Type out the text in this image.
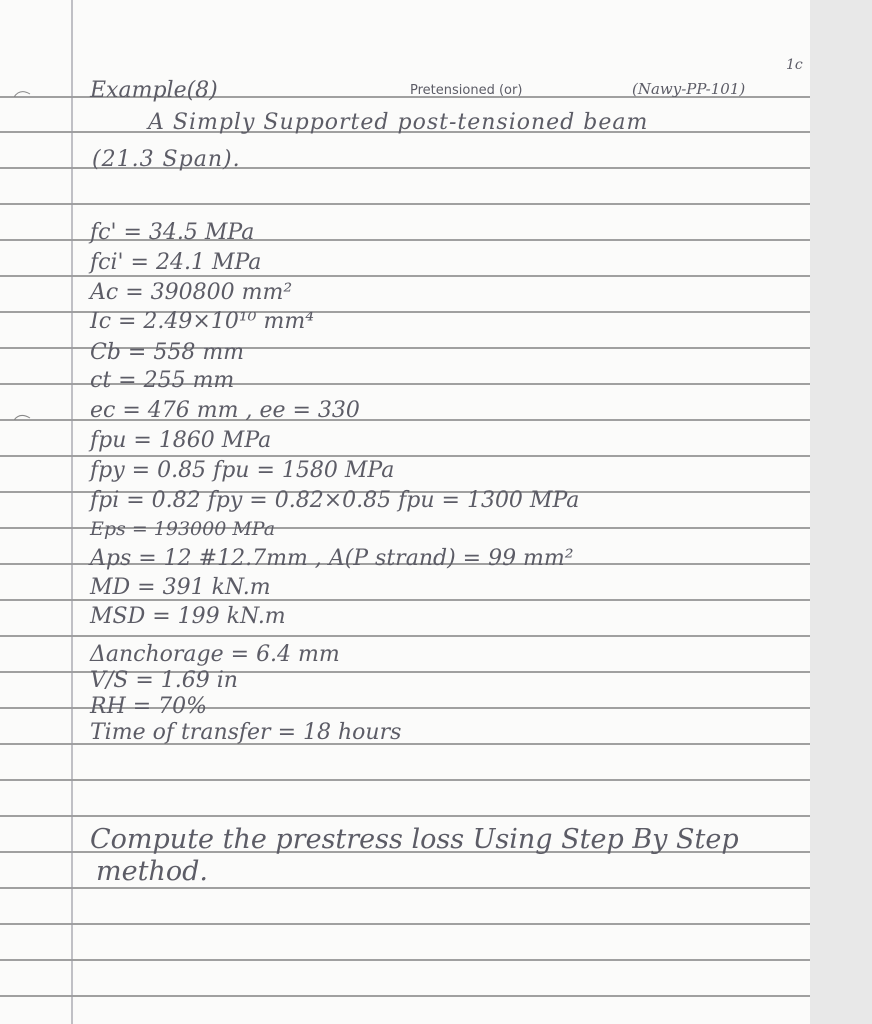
1c
Example(8)	Pretensioned (or)	(Nawy-PP-101)
A Simply Supported post-tensioned beam
(21.3 Span).
fc' = 34.5 MPa
fci' = 24.1 MPa
Ac = 390800 mm²
Ic = 2.49×10¹⁰ mm⁴
Cb = 558 mm
ct = 255 mm
ec = 476 mm , ee = 330
fpu = 1860 MPa
fpy = 0.85 fpu = 1580 MPa
fpi = 0.82 fpy = 0.82×0.85 fpu = 1300 MPa
Eps = 193000 MPa
Aps = 12 #12.7mm , A(P strand) = 99 mm²
MD = 391 kN.m
MSD = 199 kN.m
Δanchorage = 6.4 mm
V/S = 1.69 in
RH = 70%
Time of transfer = 18 hours
Compute the prestress loss Using Step By Step
method.
